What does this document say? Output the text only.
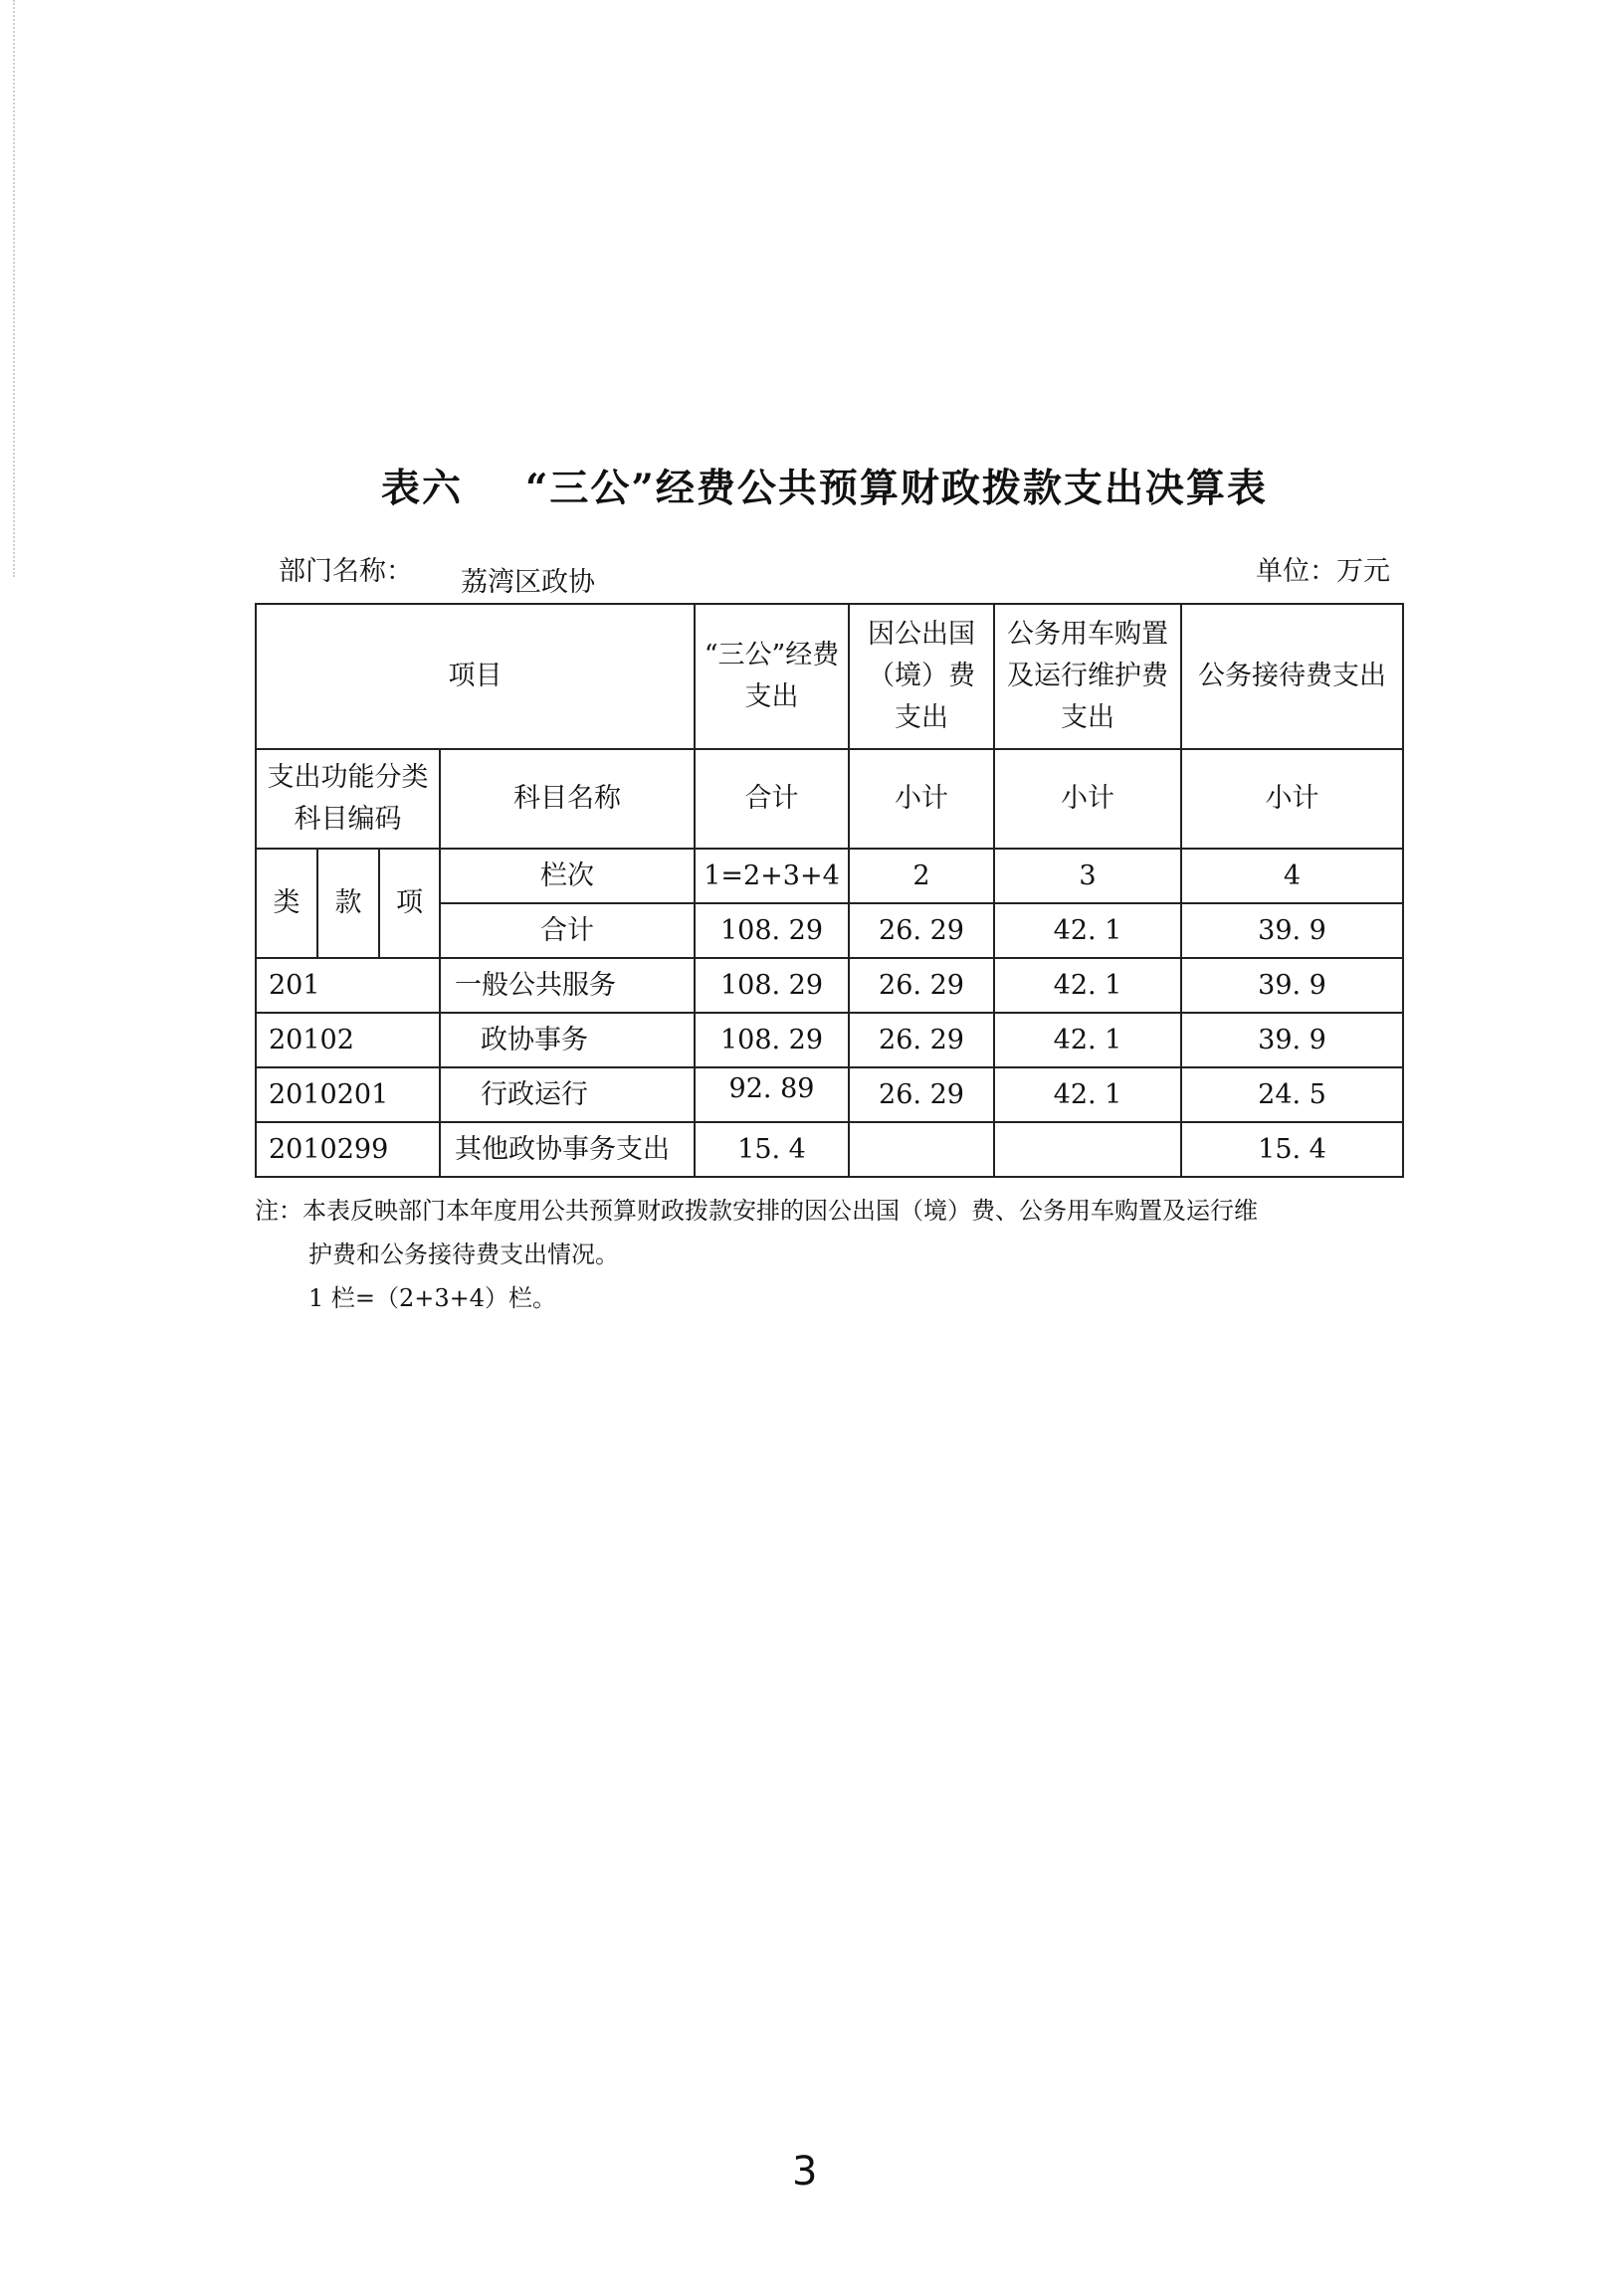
表六 “三公”经费公共预算财政拨款支出决算表
部门名称： 荔湾区政协	单位：万元
项目				“三公”经费支出	因公出国（境）费 支出	公务用车购置及运行维护费支出	公务接待费支出
支出功能分类科目编码			科目名称	合计	小计	小计	小计
类	款	项	栏次	1=2+3+4	2	3	4
			合计	108. 29	26. 29	42. 1	39. 9
201			一般公共服务	108. 29	26. 29	42. 1	39. 9
20102			政协事务	108. 29	26. 29	42. 1	39. 9
2010201			行政运行	92. 89	26. 29	42. 1	24. 5
2010299			其他政协事务支出	15. 4			15. 4
注：本表反映部门本年度用公共预算财政拨款安排的因公出国（境）费、公务用车购置及运行维
护费和公务接待费支出情况。
1 栏=（2+3+4）栏。
3
